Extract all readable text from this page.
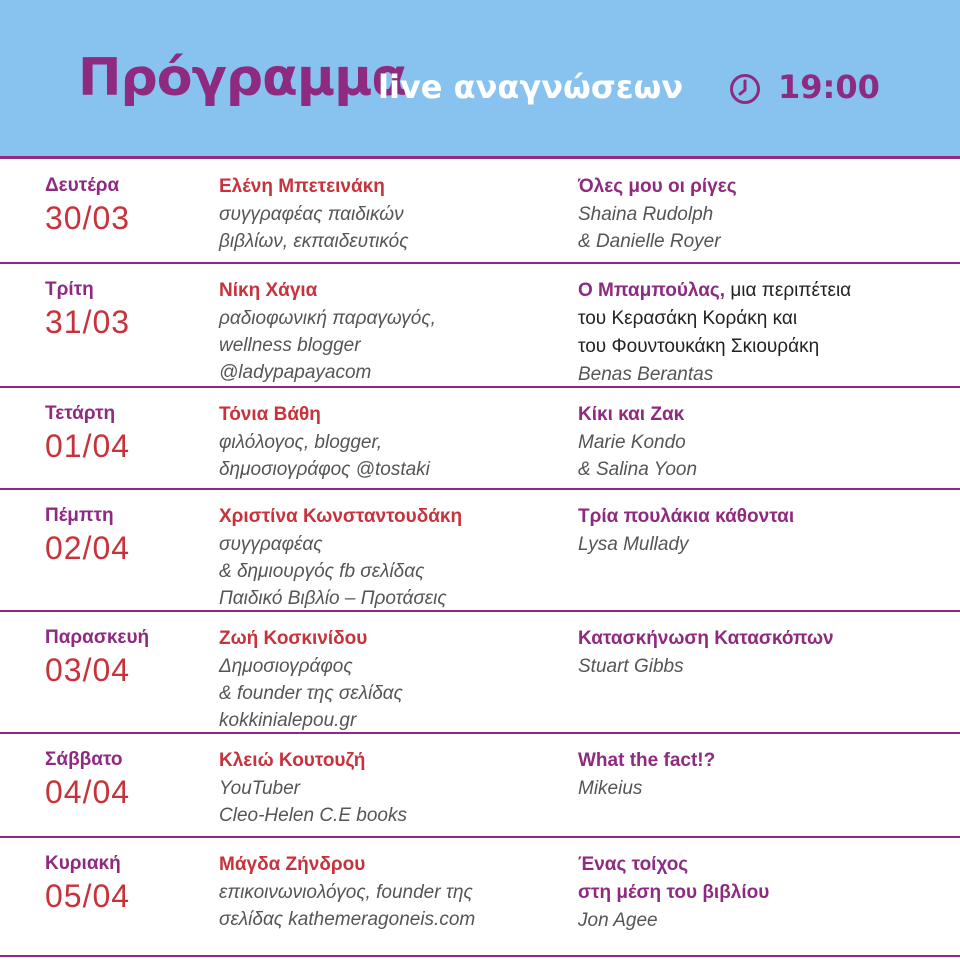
Πρόγραμμα
live αναγνώσεων	19:00
Δευτέρα
30/03
Ελένη Μπετεινάκη
συγγραφέας παιδικών
βιβλίων, εκπαιδευτικός
Όλες μου οι ρίγες
Shaina Rudolph
& Danielle Royer
Τρίτη
31/03
Νίκη Χάγια
ραδιοφωνική παραγωγός,
wellness blogger
@ladypapayacom
Ο Μπαμπούλας, μια περιπέτεια
του Κερασάκη Κοράκη και
του Φουντουκάκη Σκιουράκη
Benas Berantas
Τετάρτη
01/04
Τόνια Βάθη
φιλόλογος, blogger,
δημοσιογράφος @tostaki
Κίκι και Ζακ
Marie Kondo
& Salina Yoon
Πέμπτη
02/04
Χριστίνα Κωνσταντουδάκη
συγγραφέας
& δημιουργός fb σελίδας
Παιδικό Βιβλίο – Προτάσεις
Τρία πουλάκια κάθονται
Lysa Mullady
Παρασκευή
03/04
Ζωή Κοσκινίδου
Δημοσιογράφος
& founder της σελίδας
kokkinialepou.gr
Κατασκήνωση Κατασκόπων
Stuart Gibbs
Σάββατο
04/04
Κλειώ Κουτουζή
YouTuber
Cleo-Helen C.E books
What the fact!?
Mikeius
Κυριακή
05/04
Μάγδα Ζήνδρου
επικοινωνιολόγος, founder της
σελίδας kathemeragoneis.com
Ένας τοίχος
στη μέση του βιβλίου
Jon Agee
